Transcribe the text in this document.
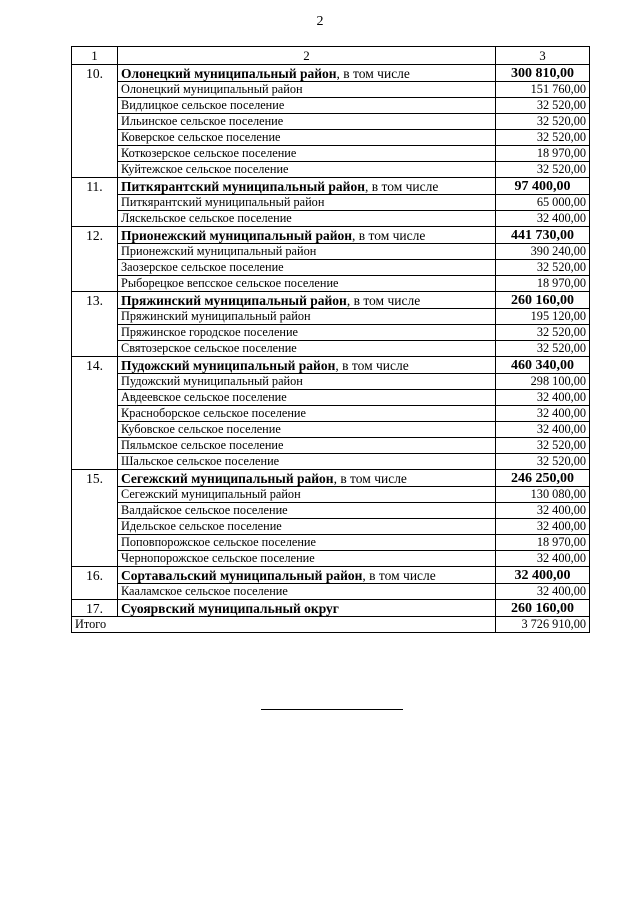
2
1	2	3
10.	Олонецкий муниципальный район, в том числе	300 810,00
	Олонецкий муниципальный район	151 760,00
	Видлицкое сельское поселение	32 520,00
	Ильинское сельское поселение	32 520,00
	Коверское сельское поселение	32 520,00
	Коткозерское сельское поселение	18 970,00
	Куйтежское сельское поселение	32 520,00
11.	Питкярантский муниципальный район, в том числе	97 400,00
	Питкярантский муниципальный район	65 000,00
	Ляскельское сельское поселение	32 400,00
12.	Прионежский муниципальный район, в том числе	441 730,00
	Прионежский муниципальный район	390 240,00
	Заозерское сельское поселение	32 520,00
	Рыборецкое вепсское сельское поселение	18 970,00
13.	Пряжинский муниципальный район, в том числе	260 160,00
	Пряжинский муниципальный район	195 120,00
	Пряжинское городское поселение	32 520,00
	Святозерское сельское поселение	32 520,00
14.	Пудожский муниципальный район, в том числе	460 340,00
	Пудожский муниципальный район	298 100,00
	Авдеевское сельское поселение	32 400,00
	Красноборское сельское поселение	32 400,00
	Кубовское сельское поселение	32 400,00
	Пяльмское сельское поселение	32 520,00
	Шальское сельское поселение	32 520,00
15.	Сегежский муниципальный район, в том числе	246 250,00
	Сегежский муниципальный район	130 080,00
	Валдайское сельское поселение	32 400,00
	Идельское сельское поселение	32 400,00
	Поповпорожское сельское поселение	18 970,00
	Чернопорожское сельское поселение	32 400,00
16.	Сортавальский муниципальный район, в том числе	32 400,00
	Кааламское сельское поселение	32 400,00
17.	Суоярвский муниципальный округ	260 160,00
Итого		3 726 910,00
